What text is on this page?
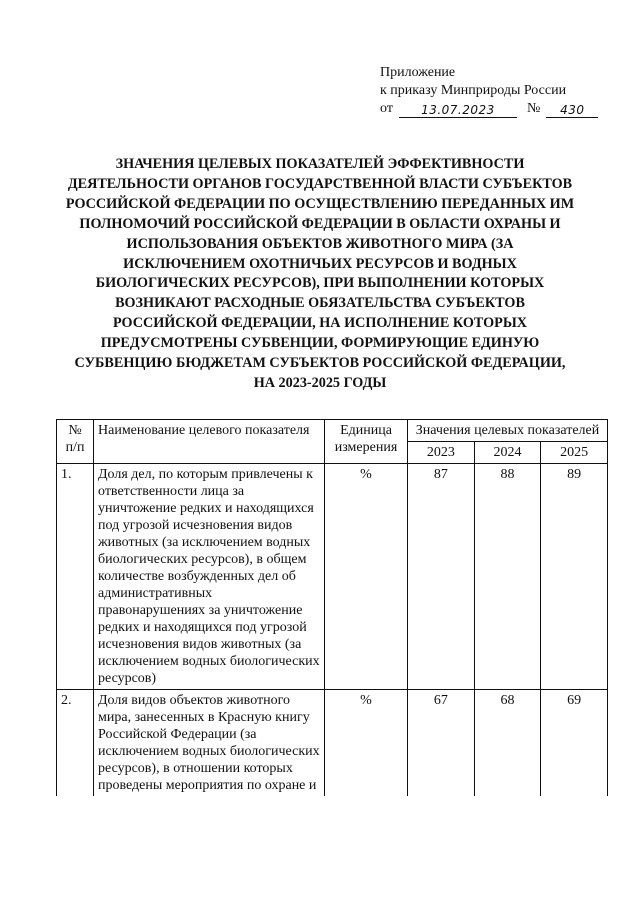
Приложение
к приказу Минприроды России
от	13.07.2023	№	430
ЗНАЧЕНИЯ ЦЕЛЕВЫХ ПОКАЗАТЕЛЕЙ ЭФФЕКТИВНОСТИ
ДЕЯТЕЛЬНОСТИ ОРГАНОВ ГОСУДАРСТВЕННОЙ ВЛАСТИ СУБЪЕКТОВ
РОССИЙСКОЙ ФЕДЕРАЦИИ ПО ОСУЩЕСТВЛЕНИЮ ПЕРЕДАННЫХ ИМ
ПОЛНОМОЧИЙ РОССИЙСКОЙ ФЕДЕРАЦИИ В ОБЛАСТИ ОХРАНЫ И
ИСПОЛЬЗОВАНИЯ ОБЪЕКТОВ ЖИВОТНОГО МИРА (ЗА
ИСКЛЮЧЕНИЕМ ОХОТНИЧЬИХ РЕСУРСОВ И ВОДНЫХ
БИОЛОГИЧЕСКИХ РЕСУРСОВ), ПРИ ВЫПОЛНЕНИИ КОТОРЫХ
ВОЗНИКАЮТ РАСХОДНЫЕ ОБЯЗАТЕЛЬСТВА СУБЪЕКТОВ
РОССИЙСКОЙ ФЕДЕРАЦИИ, НА ИСПОЛНЕНИЕ КОТОРЫХ
ПРЕДУСМОТРЕНЫ СУБВЕНЦИИ, ФОРМИРУЮЩИЕ ЕДИНУЮ
СУБВЕНЦИЮ БЮДЖЕТАМ СУБЪЕКТОВ РОССИЙСКОЙ ФЕДЕРАЦИИ,
НА 2023-2025 ГОДЫ
№ п/п	Наименование целевого показателя	Единица измерения	Значения целевых показателей		
			2023	2024	2025
1.	Доля дел, по которым привлечены к ответственности лица за уничтожение редких и находящихся под угрозой исчезновения видов животных (за исключением водных биологических ресурсов), в общем количестве возбужденных дел об административных правонарушениях за уничтожение редких и находящихся под угрозой исчезновения видов животных (за исключением водных биологических ресурсов)	%	87	88	89
2.	Доля видов объектов животного мира, занесенных в Красную книгу Российской Федерации (за исключением водных биологических ресурсов), в отношении которых проведены мероприятия по охране и	%	67	68	69
